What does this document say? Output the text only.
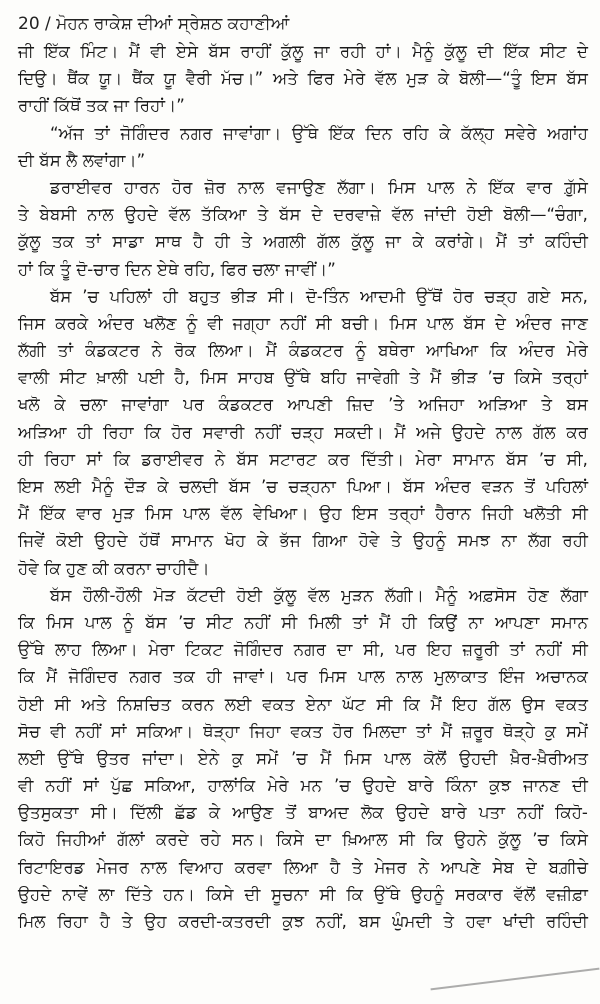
20 / ਮੋਹਨ ਰਾਕੇਸ਼ ਦੀਆਂ ਸ੍ਰੇਸ਼ਠ ਕਹਾਣੀਆਂ
ਜੀ ਇੱਕ ਮਿੰਟ। ਮੈਂ ਵੀ ਏਸੇ ਬੱਸ ਰਾਹੀਂ ਕੁੱਲੂ ਜਾ ਰਹੀ ਹਾਂ। ਮੈਨੂੰ ਕੁੱਲੂ ਦੀ ਇੱਕ ਸੀਟ ਦੇ
ਦਿਉ। ਥੈਂਕ ਯੂ। ਥੈਂਕ ਯੂ ਵੈਰੀ ਮੱਚ।” ਅਤੇ ਫਿਰ ਮੇਰੇ ਵੱਲ ਮੁੜ ਕੇ ਬੋਲੀ—“ਤੂੰ ਇਸ ਬੱਸ
ਰਾਹੀਂ ਕਿੱਥੋਂ ਤਕ ਜਾ ਰਿਹਾਂ।”
“ਅੱਜ ਤਾਂ ਜੋਗਿੰਦਰ ਨਗਰ ਜਾਵਾਂਗਾ। ਉੱਥੇ ਇੱਕ ਦਿਨ ਰਹਿ ਕੇ ਕੱਲ੍ਹ ਸਵੇਰੇ ਅਗਾਂਹ
ਦੀ ਬੱਸ ਲੈ ਲਵਾਂਗਾ।”
ਡਰਾਈਵਰ ਹਾਰਨ ਹੋਰ ਜ਼ੋਰ ਨਾਲ ਵਜਾਉਣ ਲੱਗਾ। ਮਿਸ ਪਾਲ ਨੇ ਇੱਕ ਵਾਰ ਗ਼ੁੱਸੇ
ਤੇ ਬੇਬਸੀ ਨਾਲ ਉਹਦੇ ਵੱਲ ਤੱਕਿਆ ਤੇ ਬੱਸ ਦੇ ਦਰਵਾਜ਼ੇ ਵੱਲ ਜਾਂਦੀ ਹੋਈ ਬੋਲੀ—“ਚੰਗਾ,
ਕੁੱਲੂ ਤਕ ਤਾਂ ਸਾਡਾ ਸਾਥ ਹੈ ਹੀ ਤੇ ਅਗਲੀ ਗੱਲ ਕੁੱਲੂ ਜਾ ਕੇ ਕਰਾਂਗੇ। ਮੈਂ ਤਾਂ ਕਹਿੰਦੀ
ਹਾਂ ਕਿ ਤੂੰ ਦੋ-ਚਾਰ ਦਿਨ ਏਥੇ ਰਹਿ, ਫਿਰ ਚਲਾ ਜਾਵੀਂ।”
ਬੱਸ ’ਚ ਪਹਿਲਾਂ ਹੀ ਬਹੁਤ ਭੀੜ ਸੀ। ਦੋ-ਤਿੰਨ ਆਦਮੀ ਉੱਥੋਂ ਹੋਰ ਚੜ੍ਹ ਗਏ ਸਨ,
ਜਿਸ ਕਰਕੇ ਅੰਦਰ ਖਲੋਣ ਨੂੰ ਵੀ ਜਗ੍ਹਾ ਨਹੀਂ ਸੀ ਬਚੀ। ਮਿਸ ਪਾਲ ਬੱਸ ਦੇ ਅੰਦਰ ਜਾਣ
ਲੱਗੀ ਤਾਂ ਕੰਡਕਟਰ ਨੇ ਰੋਕ ਲਿਆ। ਮੈਂ ਕੰਡਕਟਰ ਨੂੰ ਬਥੇਰਾ ਆਖਿਆ ਕਿ ਅੰਦਰ ਮੇਰੇ
ਵਾਲੀ ਸੀਟ ਖ਼ਾਲੀ ਪਈ ਹੈ, ਮਿਸ ਸਾਹਬ ਉੱਥੇ ਬਹਿ ਜਾਵੇਗੀ ਤੇ ਮੈਂ ਭੀੜ ’ਚ ਕਿਸੇ ਤਰ੍ਹਾਂ
ਖਲੋ ਕੇ ਚਲਾ ਜਾਵਾਂਗਾ ਪਰ ਕੰਡਕਟਰ ਆਪਣੀ ਜ਼ਿਦ ’ਤੇ ਅਜਿਹਾ ਅੜਿਆ ਤੇ ਬਸ
ਅੜਿਆ ਹੀ ਰਿਹਾ ਕਿ ਹੋਰ ਸਵਾਰੀ ਨਹੀਂ ਚੜ੍ਹ ਸਕਦੀ। ਮੈਂ ਅਜੇ ਉਹਦੇ ਨਾਲ ਗੱਲ ਕਰ
ਹੀ ਰਿਹਾ ਸਾਂ ਕਿ ਡਰਾਈਵਰ ਨੇ ਬੱਸ ਸਟਾਰਟ ਕਰ ਦਿੱਤੀ। ਮੇਰਾ ਸਾਮਾਨ ਬੱਸ ’ਚ ਸੀ,
ਇਸ ਲਈ ਮੈਨੂੰ ਦੌੜ ਕੇ ਚਲਦੀ ਬੱਸ ’ਚ ਚੜ੍ਹਨਾ ਪਿਆ। ਬੱਸ ਅੰਦਰ ਵੜਨ ਤੋਂ ਪਹਿਲਾਂ
ਮੈਂ ਇੱਕ ਵਾਰ ਮੁੜ ਮਿਸ ਪਾਲ ਵੱਲ ਵੇਖਿਆ। ਉਹ ਇਸ ਤਰ੍ਹਾਂ ਹੈਰਾਨ ਜਿਹੀ ਖਲੋਤੀ ਸੀ
ਜਿਵੇਂ ਕੋਈ ਉਹਦੇ ਹੱਥੋਂ ਸਾਮਾਨ ਖੋਹ ਕੇ ਭੱਜ ਗਿਆ ਹੋਵੇ ਤੇ ਉਹਨੂੰ ਸਮਝ ਨਾ ਲੱਗ ਰਹੀ
ਹੋਵੇ ਕਿ ਹੁਣ ਕੀ ਕਰਨਾ ਚਾਹੀਦੈ।
ਬੱਸ ਹੌਲੀ-ਹੌਲੀ ਮੋੜ ਕੱਟਦੀ ਹੋਈ ਕੁੱਲੂ ਵੱਲ ਮੁੜਨ ਲੱਗੀ। ਮੈਨੂੰ ਅਫ਼ਸੋਸ ਹੋਣ ਲੱਗਾ
ਕਿ ਮਿਸ ਪਾਲ ਨੂੰ ਬੱਸ ’ਚ ਸੀਟ ਨਹੀਂ ਸੀ ਮਿਲੀ ਤਾਂ ਮੈਂ ਹੀ ਕਿਉਂ ਨਾ ਆਪਣਾ ਸਮਾਨ
ਉੱਥੇ ਲਾਹ ਲਿਆ। ਮੇਰਾ ਟਿਕਟ ਜੋਗਿੰਦਰ ਨਗਰ ਦਾ ਸੀ, ਪਰ ਇਹ ਜ਼ਰੂਰੀ ਤਾਂ ਨਹੀਂ ਸੀ
ਕਿ ਮੈਂ ਜੋਗਿੰਦਰ ਨਗਰ ਤਕ ਹੀ ਜਾਵਾਂ। ਪਰ ਮਿਸ ਪਾਲ ਨਾਲ ਮੁਲਾਕਾਤ ਇੰਜ ਅਚਾਨਕ
ਹੋਈ ਸੀ ਅਤੇ ਨਿਸ਼ਚਿਤ ਕਰਨ ਲਈ ਵਕਤ ਏਨਾ ਘੱਟ ਸੀ ਕਿ ਮੈਂ ਇਹ ਗੱਲ ਉਸ ਵਕਤ
ਸੋਚ ਵੀ ਨਹੀਂ ਸਾਂ ਸਕਿਆ। ਥੋੜ੍ਹਾ ਜਿਹਾ ਵਕਤ ਹੋਰ ਮਿਲਦਾ ਤਾਂ ਮੈਂ ਜ਼ਰੂਰ ਥੋੜ੍ਹੇ ਕੁ ਸਮੇਂ
ਲਈ ਉੱਥੇ ਉਤਰ ਜਾਂਦਾ। ਏਨੇ ਕੁ ਸਮੇਂ ’ਚ ਮੈਂ ਮਿਸ ਪਾਲ ਕੋਲੋਂ ਉਹਦੀ ਖ਼ੈਰ-ਖ਼ੈਰੀਅਤ
ਵੀ ਨਹੀਂ ਸਾਂ ਪੁੱਛ ਸਕਿਆ, ਹਾਲਾਂਕਿ ਮੇਰੇ ਮਨ ’ਚ ਉਹਦੇ ਬਾਰੇ ਕਿੰਨਾ ਕੁਝ ਜਾਨਣ ਦੀ
ਉਤਸੁਕਤਾ ਸੀ। ਦਿੱਲੀ ਛੱਡ ਕੇ ਆਉਣ ਤੋਂ ਬਾਅਦ ਲੋਕ ਉਹਦੇ ਬਾਰੇ ਪਤਾ ਨਹੀਂ ਕਿਹੋ-
ਕਿਹੋ ਜਿਹੀਆਂ ਗੱਲਾਂ ਕਰਦੇ ਰਹੇ ਸਨ। ਕਿਸੇ ਦਾ ਖ਼ਿਆਲ ਸੀ ਕਿ ਉਹਨੇ ਕੁੱਲੂ ’ਚ ਕਿਸੇ
ਰਿਟਾਇਰਡ ਮੇਜਰ ਨਾਲ ਵਿਆਹ ਕਰਵਾ ਲਿਆ ਹੈ ਤੇ ਮੇਜਰ ਨੇ ਆਪਣੇ ਸੇਬ ਦੇ ਬਗ਼ੀਚੇ
ਉਹਦੇ ਨਾਵੇਂ ਲਾ ਦਿੱਤੇ ਹਨ। ਕਿਸੇ ਦੀ ਸੂਚਨਾ ਸੀ ਕਿ ਉੱਥੇ ਉਹਨੂੰ ਸਰਕਾਰ ਵੱਲੋਂ ਵਜ਼ੀਫ਼ਾ
ਮਿਲ ਰਿਹਾ ਹੈ ਤੇ ਉਹ ਕਰਦੀ-ਕਤਰਦੀ ਕੁਝ ਨਹੀਂ, ਬਸ ਘੁੰਮਦੀ ਤੇ ਹਵਾ ਖਾਂਦੀ ਰਹਿੰਦੀ
